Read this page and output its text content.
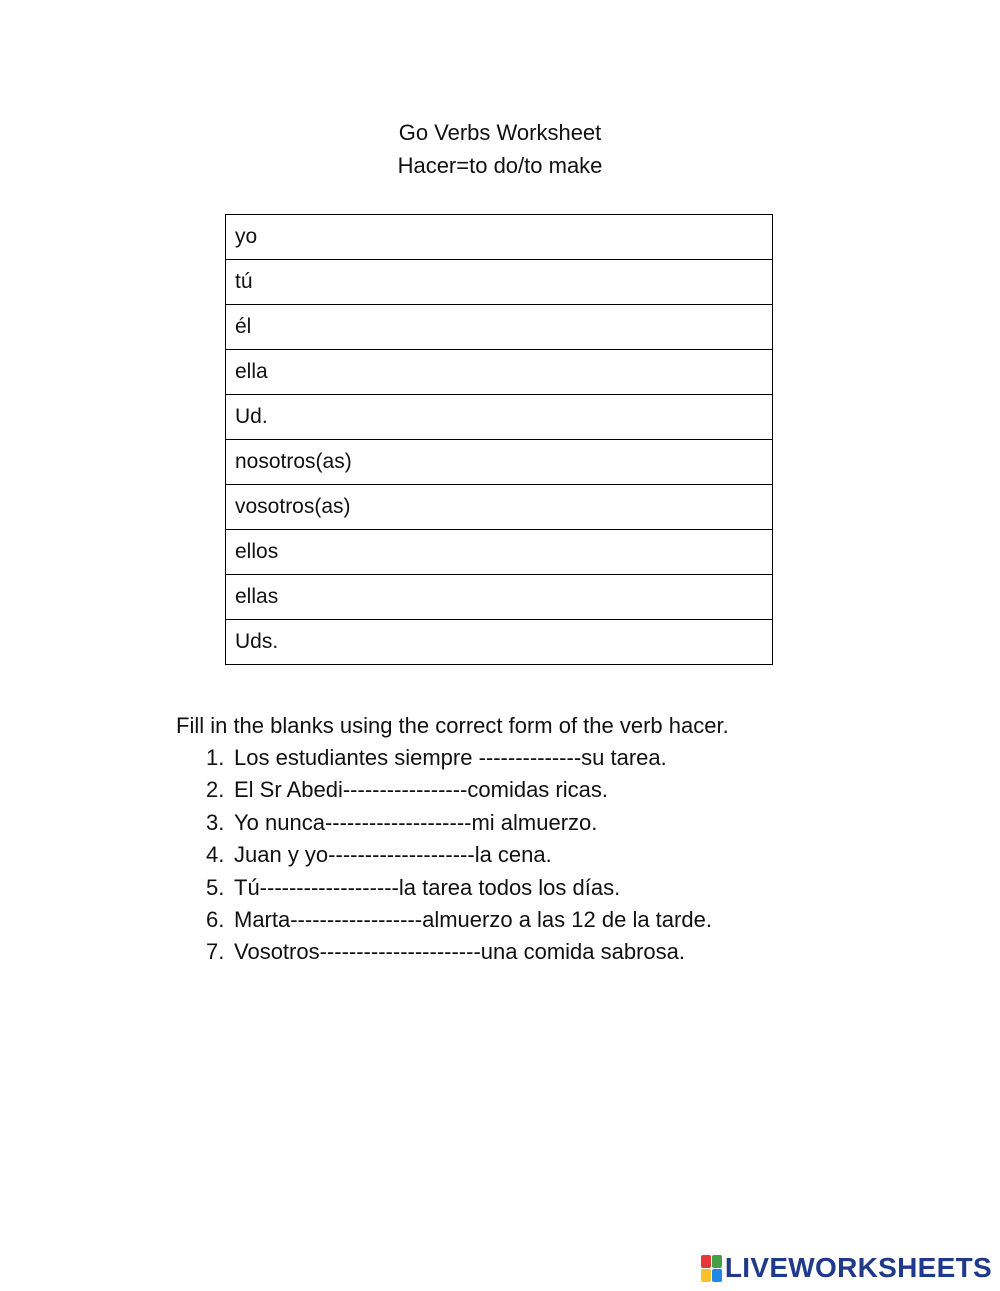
Go Verbs Worksheet
Hacer=to do/to make
yo
tú
él
ella
Ud.
nosotros(as)
vosotros(as)
ellos
ellas
Uds.
Fill in the blanks using the correct form of the verb hacer.
1. Los estudiantes siempre --------------su tarea.
2. El Sr Abedi-----------------comidas ricas.
3. Yo nunca--------------------mi almuerzo.
4. Juan y yo--------------------la cena.
5. Tú-------------------la tarea todos los días.
6. Marta------------------almuerzo a las 12 de la tarde.
7. Vosotros----------------------una comida sabrosa.
LIVEWORKSHEETS
